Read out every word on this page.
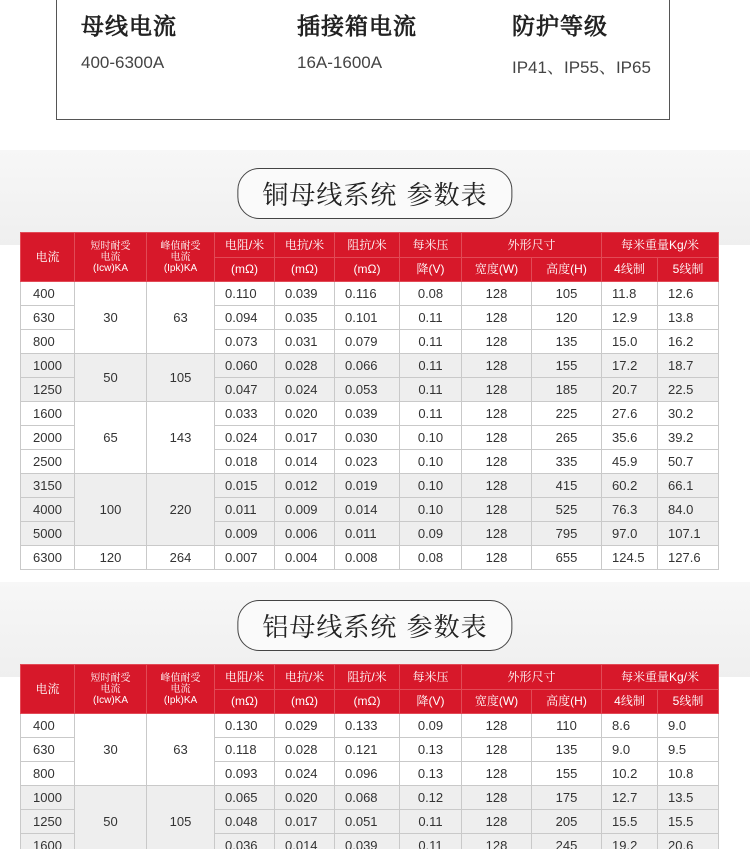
母线电流
400-6300A
插接箱电流
16A-1600A
防护等级
IP41、IP55、IP65
铜母线系统 参数表
电流	短时耐受
电流
(Icw)KA	峰值耐受
电流
(Ipk)KA	电阻/米	电抗/米	阻抗/米	每米压	外形尺寸		每米重量Kg/米	
			(mΩ)	(mΩ)	(mΩ)	降(V)	宽度(W)	高度(H)	4线制	5线制
400	30	63	0.110	0.039	0.116	0.08	128	105	11.8	12.6
630			0.094	0.035	0.101	0.11	128	120	12.9	13.8
800			0.073	0.031	0.079	0.11	128	135	15.0	16.2
1000	50	105	0.060	0.028	0.066	0.11	128	155	17.2	18.7
1250			0.047	0.024	0.053	0.11	128	185	20.7	22.5
1600	65	143	0.033	0.020	0.039	0.11	128	225	27.6	30.2
2000			0.024	0.017	0.030	0.10	128	265	35.6	39.2
2500			0.018	0.014	0.023	0.10	128	335	45.9	50.7
3150	100	220	0.015	0.012	0.019	0.10	128	415	60.2	66.1
4000			0.011	0.009	0.014	0.10	128	525	76.3	84.0
5000			0.009	0.006	0.011	0.09	128	795	97.0	107.1
6300	120	264	0.007	0.004	0.008	0.08	128	655	124.5	127.6
铝母线系统 参数表
电流	短时耐受
电流
(Icw)KA	峰值耐受
电流
(Ipk)KA	电阻/米	电抗/米	阻抗/米	每米压	外形尺寸		每米重量Kg/米	
			(mΩ)	(mΩ)	(mΩ)	降(V)	宽度(W)	高度(H)	4线制	5线制
400	30	63	0.130	0.029	0.133	0.09	128	110	8.6	9.0
630			0.118	0.028	0.121	0.13	128	135	9.0	9.5
800			0.093	0.024	0.096	0.13	128	155	10.2	10.8
1000	50	105	0.065	0.020	0.068	0.12	128	175	12.7	13.5
1250			0.048	0.017	0.051	0.11	128	205	15.5	15.5
1600			0.036	0.014	0.039	0.11	128	245	19.2	20.6
